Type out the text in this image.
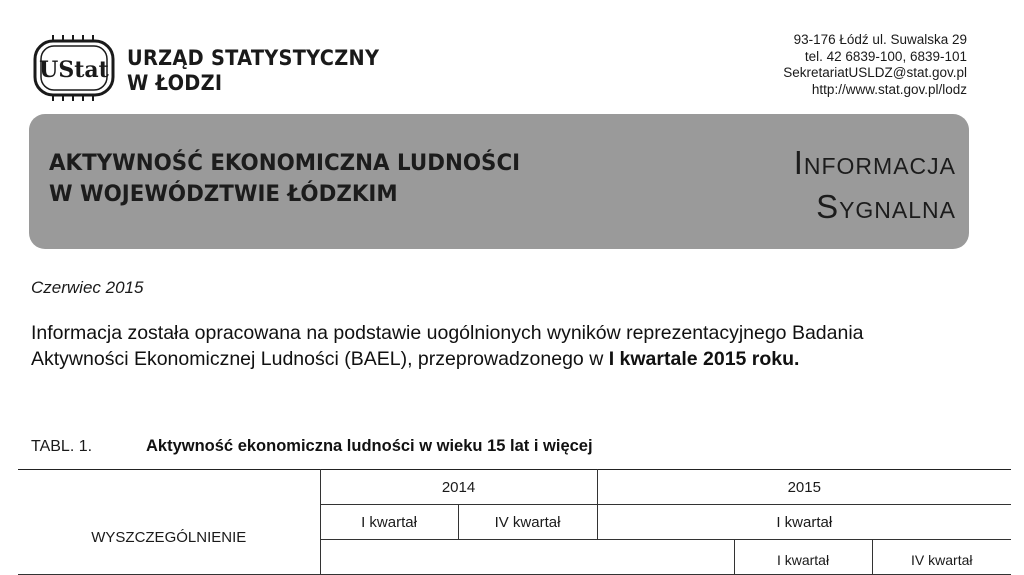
UStat URZĄD STATYSTYCZNY
W ŁODZI
93-176 Łódź ul. Suwalska 29
tel. 42 6839-100, 6839-101
SekretariatUSLDZ@stat.gov.pl
http://www.stat.gov.pl/lodz
AKTYWNOŚĆ EKONOMICZNA LUDNOŚCI
W WOJEWÓDZTWIE ŁÓDZKIM
Informacja
Sygnalna
Czerwiec 2015
Informacja została opracowana na podstawie uogólnionych wyników reprezentacyjnego Badania
Aktywności Ekonomicznej Ludności (BAEL), przeprowadzonego w I kwartale 2015 roku.
TABL. 1.	Aktywność ekonomiczna ludności w wieku 15 lat i więcej
WYSZCZEGÓLNIENIE	2014		2015		
	I kwartał	IV kwartał	I kwartał		
				I kwartał	IV kwartał
